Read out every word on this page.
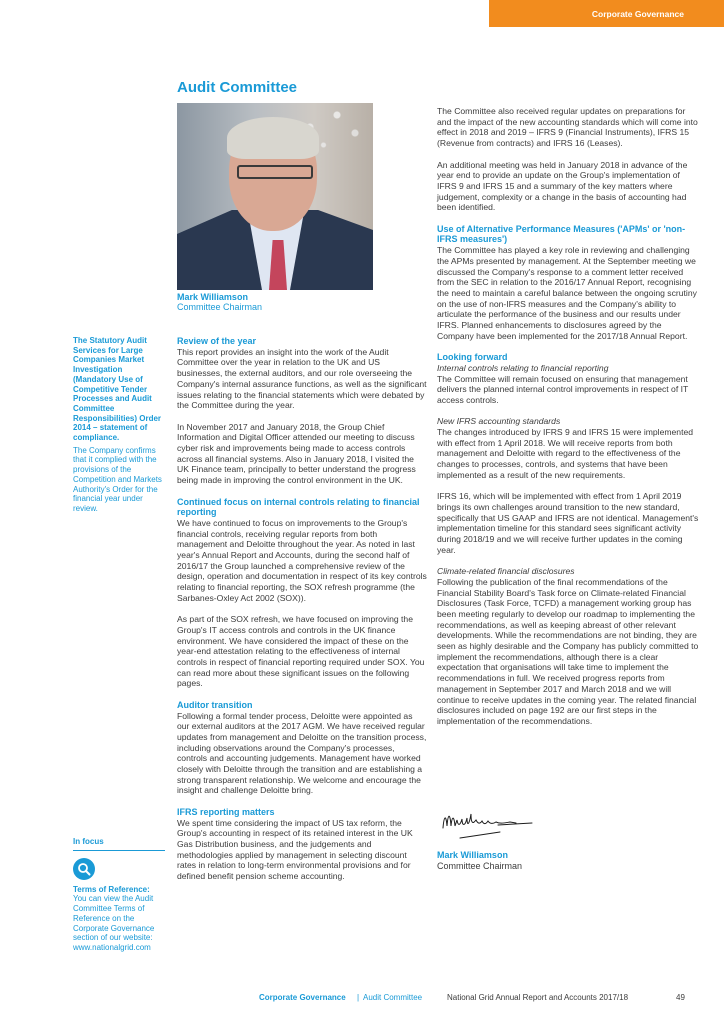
Corporate Governance
Audit Committee
Mark Williamson
Committee Chairman
The Statutory Audit Services for Large Companies Market Investigation (Mandatory Use of Competitive Tender Processes and Audit Committee Responsibilities) Order 2014 – statement of compliance.
The Company confirms that it complied with the provisions of the Competition and Markets Authority's Order for the financial year under review.
In focus
Terms of Reference:
You can view the Audit Committee Terms of Reference on the Corporate Governance section of our website: www.nationalgrid.com
Review of the year

This report provides an insight into the work of the Audit Committee over the year in relation to the UK and US businesses, the external auditors, and our role overseeing the Company's internal assurance functions, as well as the significant issues relating to the financial statements which were debated by the Committee during the year.

In November 2017 and January 2018, the Group Chief Information and Digital Officer attended our meeting to discuss cyber risk and improvements being made to access controls across all financial systems. Also in January 2018, I visited the UK Finance team, principally to better understand the progress being made in improving the control environment in the UK.

Continued focus on internal controls relating to financial reporting

We have continued to focus on improvements to the Group's financial controls, receiving regular reports from both management and Deloitte throughout the year. As noted in last year's Annual Report and Accounts, during the second half of 2016/17 the Group launched a comprehensive review of the design, operation and documentation in respect of its key controls relating to financial reporting, the SOX refresh programme (the Sarbanes-Oxley Act 2002 (SOX)).

As part of the SOX refresh, we have focused on improving the Group's IT access controls and controls in the UK finance environment. We have considered the impact of these on the year-end attestation relating to the effectiveness of internal controls in respect of financial reporting required under SOX. You can read more about these significant issues on the following pages.

Auditor transition

Following a formal tender process, Deloitte were appointed as our external auditors at the 2017 AGM. We have received regular updates from management and Deloitte on the transition process, including observations around the Company's processes, controls and accounting judgements. Management have worked closely with Deloitte through the transition and are establishing a strong transparent relationship. We welcome and encourage the insight and challenge Deloitte bring.

IFRS reporting matters

We spent time considering the impact of US tax reform, the Group's accounting in respect of its retained interest in the UK Gas Distribution business, and the judgements and methodologies applied by management in selecting discount rates in relation to long-term environmental provisions and for defined benefit pension scheme accounting.

The Committee also received regular updates on preparations for and the impact of the new accounting standards which will come into effect in 2018 and 2019 – IFRS 9 (Financial Instruments), IFRS 15 (Revenue from contracts) and IFRS 16 (Leases).

An additional meeting was held in January 2018 in advance of the year end to provide an update on the Group's implementation of IFRS 9 and IFRS 15 and a summary of the key matters where judgement, complexity or a change in the basis of accounting had been identified.

Use of Alternative Performance Measures ('APMs' or 'non-IFRS measures')

The Committee has played a key role in reviewing and challenging the APMs presented by management. At the September meeting we discussed the Company's response to a comment letter received from the SEC in relation to the 2016/17 Annual Report, recognising the need to maintain a careful balance between the ongoing scrutiny on the use of non-IFRS measures and the Company's ability to articulate the performance of the business and our results under IFRS. Planned enhancements to disclosures agreed by the Company have been implemented for the 2017/18 Annual Report.

Looking forward
Internal controls relating to financial reporting

The Committee will remain focused on ensuring that management delivers the planned internal control improvements in respect of IT access controls.

New IFRS accounting standards

The changes introduced by IFRS 9 and IFRS 15 were implemented with effect from 1 April 2018. We will receive reports from both management and Deloitte with regard to the effectiveness of the changes to processes, controls, and systems that have been implemented as a result of the new requirements.

IFRS 16, which will be implemented with effect from 1 April 2019 brings its own challenges around transition to the new standard, specifically that US GAAP and IFRS are not identical. Management's implementation timeline for this standard sees significant activity during 2018/19 and we will receive further updates in the coming year.

Climate-related financial disclosures

Following the publication of the final recommendations of the Financial Stability Board's Task force on Climate-related Financial Disclosures (Task Force, TCFD) a management working group has been meeting regularly to develop our roadmap to implementing the recommendations, as well as keeping abreast of other relevant developments. While the recommendations are not binding, they are seen as highly desirable and the Company has publicly committed to implement the recommendations, although there is a clear expectation that organisations will take time to implement the recommendations in full. We received progress reports from management in September 2017 and March 2018 and we will continue to receive updates in the coming year. The related financial disclosures included on page 192 are our first steps in the implementation of the recommendations.

Mark Williamson
Committee Chairman
Corporate Governance | Audit Committee	National Grid Annual Report and Accounts 2017/18	49
